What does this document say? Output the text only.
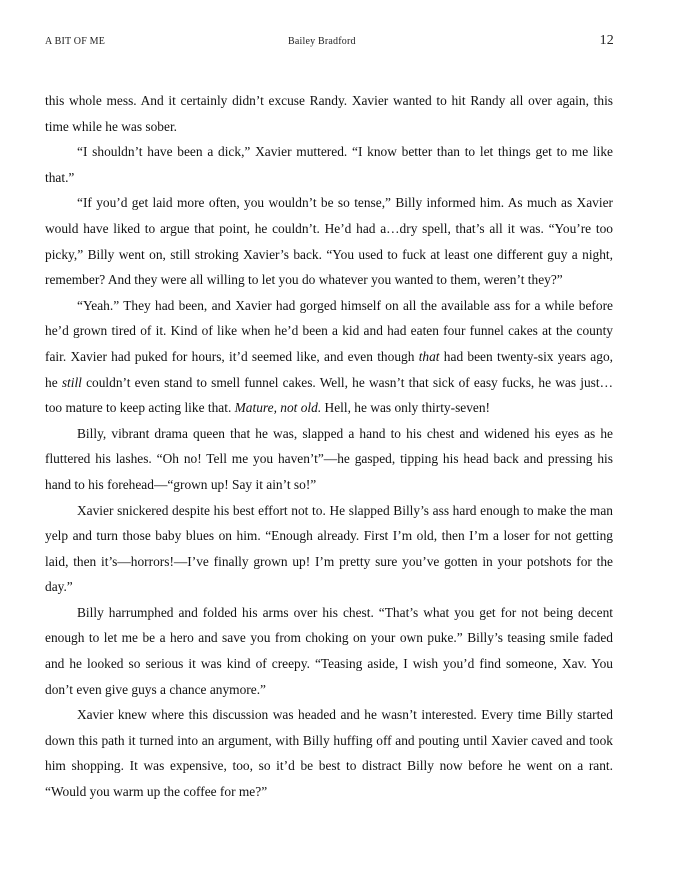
A BIT OF ME	Bailey Bradford	12

this whole mess. And it certainly didn’t excuse Randy. Xavier wanted to hit Randy all over again, this time while he was sober.

“I shouldn’t have been a dick,” Xavier muttered. “I know better than to let things get to me like that.”

“If you’d get laid more often, you wouldn’t be so tense,” Billy informed him. As much as Xavier would have liked to argue that point, he couldn’t. He’d had a…dry spell, that’s all it was. “You’re too picky,” Billy went on, still stroking Xavier’s back. “You used to fuck at least one different guy a night, remember? And they were all willing to let you do whatever you wanted to them, weren’t they?”

“Yeah.” They had been, and Xavier had gorged himself on all the available ass for a while before he’d grown tired of it. Kind of like when he’d been a kid and had eaten four funnel cakes at the county fair. Xavier had puked for hours, it’d seemed like, and even though that had been twenty-six years ago, he still couldn’t even stand to smell funnel cakes. Well, he wasn’t that sick of easy fucks, he was just…too mature to keep acting like that. Mature, not old. Hell, he was only thirty-seven!

Billy, vibrant drama queen that he was, slapped a hand to his chest and widened his eyes as he fluttered his lashes. “Oh no! Tell me you haven’t”—he gasped, tipping his head back and pressing his hand to his forehead—“grown up! Say it ain’t so!”

Xavier snickered despite his best effort not to. He slapped Billy’s ass hard enough to make the man yelp and turn those baby blues on him. “Enough already. First I’m old, then I’m a loser for not getting laid, then it’s—horrors!—I’ve finally grown up! I’m pretty sure you’ve gotten in your potshots for the day.”

Billy harrumphed and folded his arms over his chest. “That’s what you get for not being decent enough to let me be a hero and save you from choking on your own puke.” Billy’s teasing smile faded and he looked so serious it was kind of creepy. “Teasing aside, I wish you’d find someone, Xav. You don’t even give guys a chance anymore.”

Xavier knew where this discussion was headed and he wasn’t interested. Every time Billy started down this path it turned into an argument, with Billy huffing off and pouting until Xavier caved and took him shopping. It was expensive, too, so it’d be best to distract Billy now before he went on a rant. “Would you warm up the coffee for me?”
